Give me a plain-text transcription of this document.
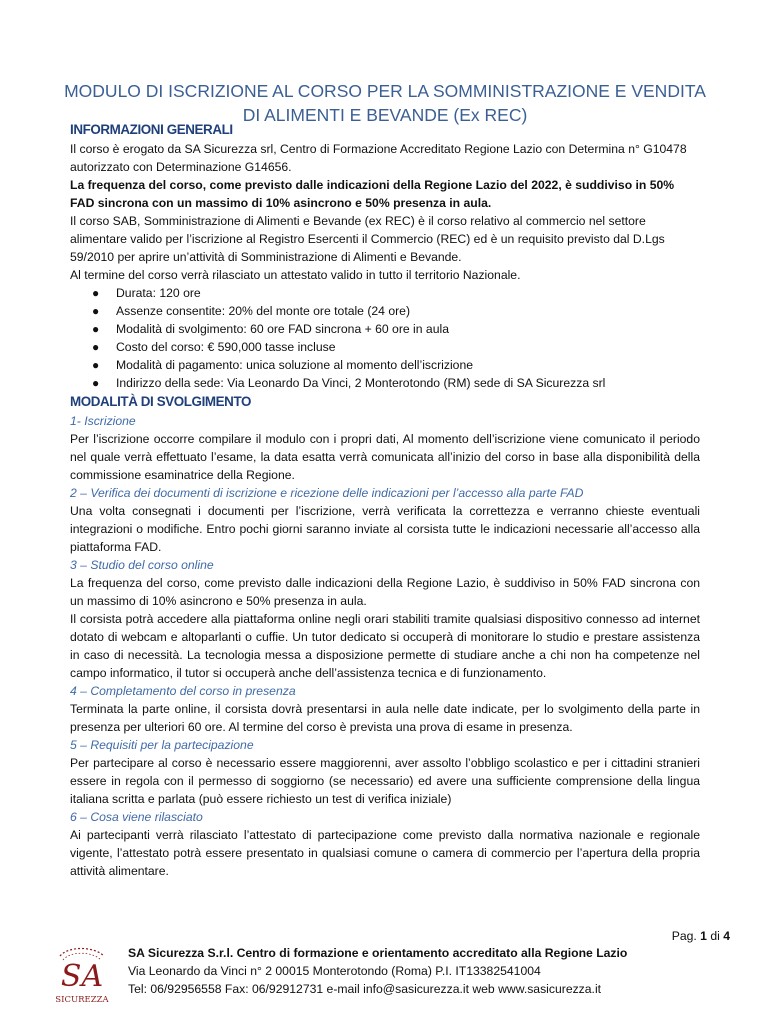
MODULO DI ISCRIZIONE AL CORSO PER LA SOMMINISTRAZIONE E VENDITA
DI ALIMENTI E BEVANDE (Ex REC)
INFORMAZIONI GENERALI

Il corso è erogato da SA Sicurezza srl, Centro di Formazione Accreditato Regione Lazio con Determina n° G10478 autorizzato con Determinazione G14656.

La frequenza del corso, come previsto dalle indicazioni della Regione Lazio del 2022, è suddiviso in 50% FAD sincrona con un massimo di 10% asincrono e 50% presenza in aula.

Il corso SAB, Somministrazione di Alimenti e Bevande (ex REC) è il corso relativo al commercio nel settore alimentare valido per l’iscrizione al Registro Esercenti il Commercio (REC) ed è un requisito previsto dal D.Lgs 59/2010 per aprire un’attività di Somministrazione di Alimenti e Bevande.

Al termine del corso verrà rilasciato un attestato valido in tutto il territorio Nazionale.

● Durata: 120 ore
● Assenze consentite: 20% del monte ore totale (24 ore)
● Modalità di svolgimento: 60 ore FAD sincrona + 60 ore in aula
● Costo del corso: € 590,000 tasse incluse
● Modalità di pagamento: unica soluzione al momento dell’iscrizione
● Indirizzo della sede: Via Leonardo Da Vinci, 2 Monterotondo (RM) sede di SA Sicurezza srl
MODALITÀ DI SVOLGIMENTO

1- Iscrizione

Per l’iscrizione occorre compilare il modulo con i propri dati, Al momento dell’iscrizione viene comunicato il periodo nel quale verrà effettuato l’esame, la data esatta verrà comunicata all’inizio del corso in base alla disponibilità della commissione esaminatrice della Regione.

2 – Verifica dei documenti di iscrizione e ricezione delle indicazioni per l’accesso alla parte FAD

Una volta consegnati i documenti per l’iscrizione, verrà verificata la correttezza e verranno chieste eventuali integrazioni o modifiche. Entro pochi giorni saranno inviate al corsista tutte le indicazioni necessarie all’accesso alla piattaforma FAD.

3 – Studio del corso online

La frequenza del corso, come previsto dalle indicazioni della Regione Lazio, è suddiviso in 50% FAD sincrona con un massimo di 10% asincrono e 50% presenza in aula.

Il corsista potrà accedere alla piattaforma online negli orari stabiliti tramite qualsiasi dispositivo connesso ad internet dotato di webcam e altoparlanti o cuffie. Un tutor dedicato si occuperà di monitorare lo studio e prestare assistenza in caso di necessità. La tecnologia messa a disposizione permette di studiare anche a chi non ha competenze nel campo informatico, il tutor si occuperà anche dell’assistenza tecnica e di funzionamento.

4 – Completamento del corso in presenza

Terminata la parte online, il corsista dovrà presentarsi in aula nelle date indicate, per lo svolgimento della parte in presenza per ulteriori 60 ore. Al termine del corso è prevista una prova di esame in presenza.

5 – Requisiti per la partecipazione

Per partecipare al corso è necessario essere maggiorenni, aver assolto l’obbligo scolastico e per i cittadini stranieri essere in regola con il permesso di soggiorno (se necessario) ed avere una sufficiente comprensione della lingua italiana scritta e parlata (può essere richiesto un test di verifica iniziale)

6 – Cosa viene rilasciato

Ai partecipanti verrà rilasciato l’attestato di partecipazione come previsto dalla normativa nazionale e regionale vigente, l’attestato potrà essere presentato in qualsiasi comune o camera di commercio per l’apertura della propria attività alimentare.

Pag. 1 di 4
SA
SICUREZZA

SA Sicurezza S.r.l. Centro di formazione e orientamento accreditato alla Regione Lazio

Via Leonardo da Vinci n° 2 00015 Monterotondo (Roma) P.I. IT13382541004

Tel: 06/92956558 Fax: 06/92912731 e-mail info@sasicurezza.it web www.sasicurezza.it
